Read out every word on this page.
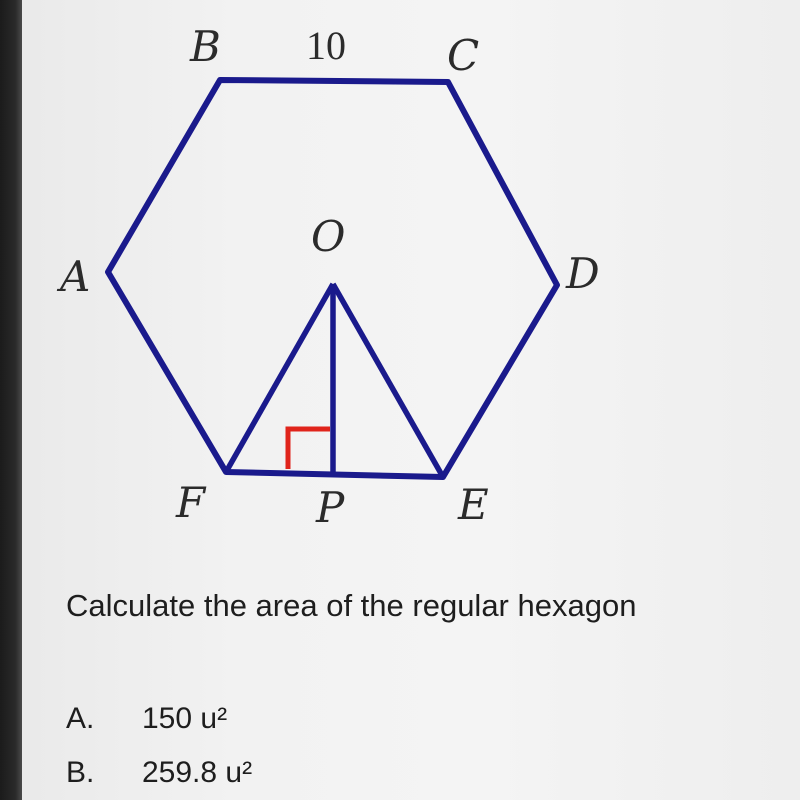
B 10 C
O
A	D
F	P	E
Calculate the area of the regular hexagon
A. 150 u²
B. 259.8 u²
